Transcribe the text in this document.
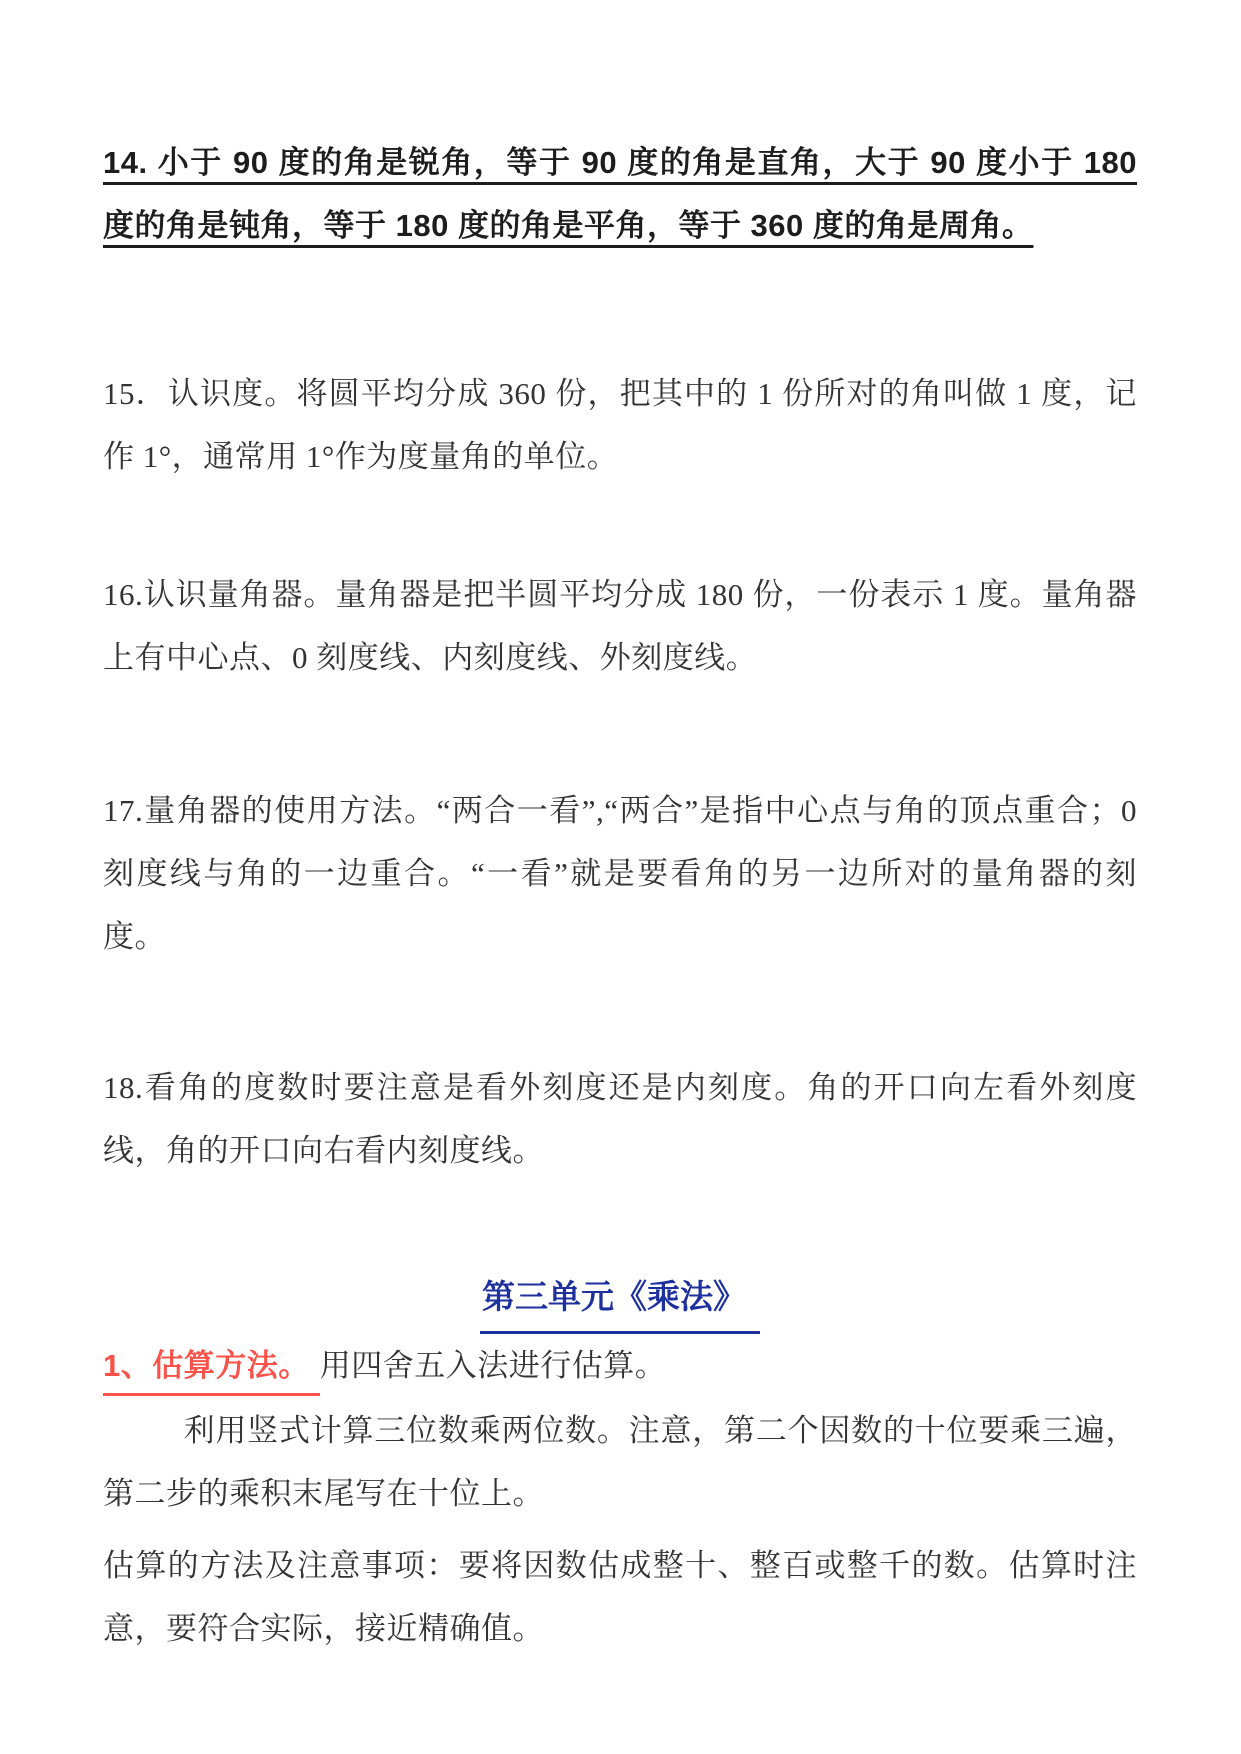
14. 小于 90 度的角是锐角，等于 90 度的角是直角，大于 90 度小于 180 度的角是钝角，等于 180 度的角是平角，等于 360 度的角是周角。

15．认识度。将圆平均分成 360 份，把其中的 1 份所对的角叫做 1 度，记作 1°，通常用 1°作为度量角的单位。

16.认识量角器。量角器是把半圆平均分成 180 份，一份表示 1 度。量角器上有中心点、0 刻度线、内刻度线、外刻度线。

17.量角器的使用方法。“两合一看”,“两合”是指中心点与角的顶点重合；0 刻度线与角的一边重合。“一看”就是要看角的另一边所对的量角器的刻度。

18.看角的度数时要注意是看外刻度还是内刻度。角的开口向左看外刻度线，角的开口向右看内刻度线。

第三单元《乘法》

1、估算方法。 用四舍五入法进行估算。

利用竖式计算三位数乘两位数。注意，第二个因数的十位要乘三遍，第二步的乘积末尾写在十位上。

估算的方法及注意事项：要将因数估成整十、整百或整千的数。估算时注意，要符合实际，接近精确值。
